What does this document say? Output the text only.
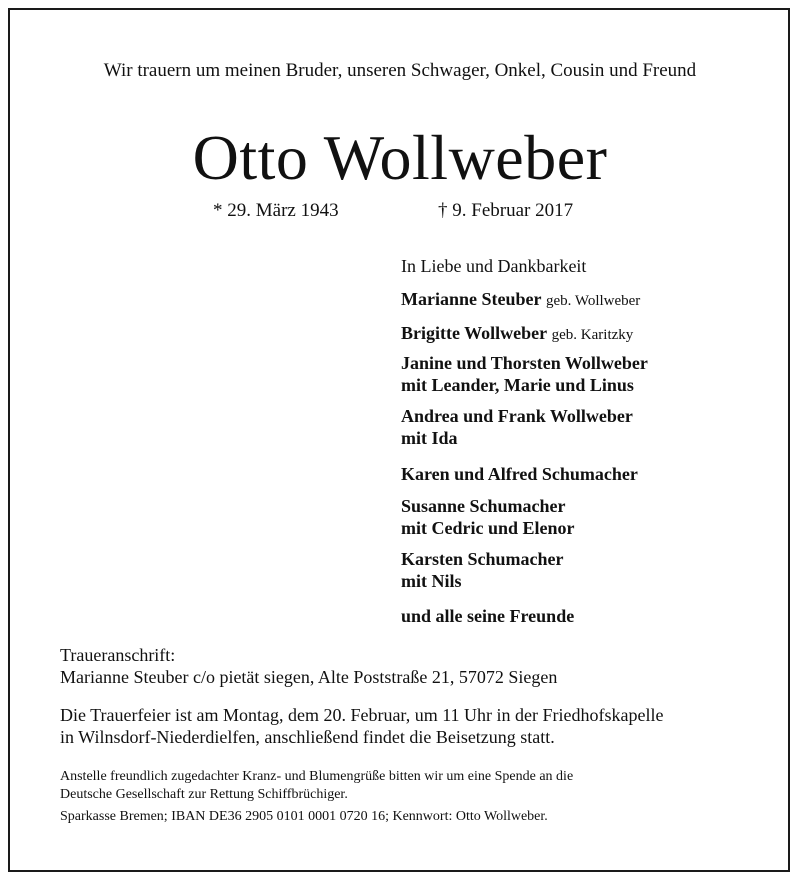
Wir trauern um meinen Bruder, unseren Schwager, Onkel, Cousin und Freund

Otto Wollweber
* 29. März 1943	† 9. Februar 2017
In Liebe und Dankbarkeit
Marianne Steuber geb. Wollweber
Brigitte Wollweber geb. Karitzky
Janine und Thorsten Wollweber
mit Leander, Marie und Linus
Andrea und Frank Wollweber
mit Ida
Karen und Alfred Schumacher
Susanne Schumacher
mit Cedric und Elenor
Karsten Schumacher
mit Nils
und alle seine Freunde
Traueranschrift:
Marianne Steuber c/o pietät siegen, Alte Poststraße 21, 57072 Siegen
Die Trauerfeier ist am Montag, dem 20. Februar, um 11 Uhr in der Friedhofskapelle
in Wilnsdorf-Niederdielfen, anschließend findet die Beisetzung statt.
Anstelle freundlich zugedachter Kranz- und Blumengrüße bitten wir um eine Spende an die
Deutsche Gesellschaft zur Rettung Schiffbrüchiger.
Sparkasse Bremen; IBAN DE36 2905 0101 0001 0720 16; Kennwort: Otto Wollweber.
